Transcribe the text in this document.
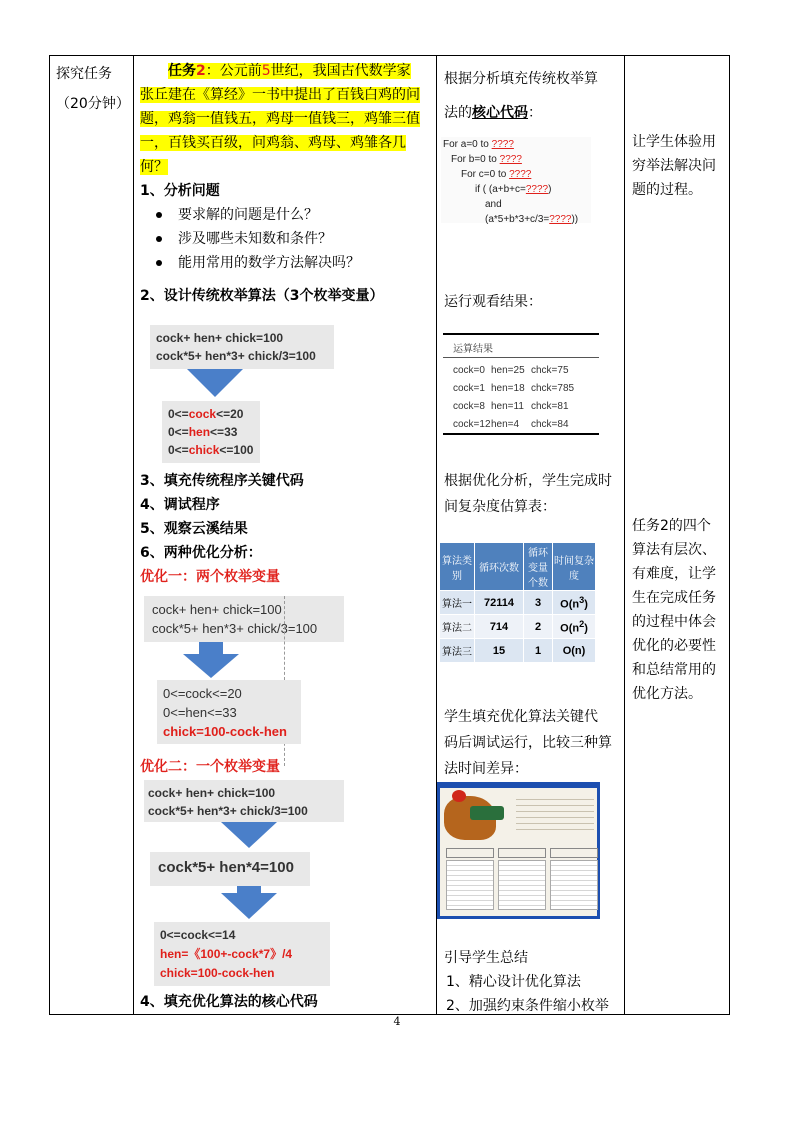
探究任务
（20分钟）
任务2：公元前5世纪，我国古代数学家
张丘建在《算经》一书中提出了百钱白鸡的问
题，鸡翁一值钱五，鸡母一值钱三，鸡雏三值
一，百钱买百级，问鸡翁、鸡母、鸡雏各几
何？
1、分析问题
要求解的问题是什么？
涉及哪些未知数和条件？
能用常用的数学方法解决吗？
2、设计传统枚举算法（3个枚举变量）
cock+ hen+ chick=100
cock*5+ hen*3+ chick/3=100
0<=cock<=20
0<=hen<=33
0<=chick<=100
3、填充传统程序关键代码
4、调试程序
5、观察云溪结果
6、两种优化分析：
优化一：两个枚举变量
cock+ hen+ chick=100
cock*5+ hen*3+ chick/3=100
0<=cock<=20
0<=hen<=33
chick=100-cock-hen
优化二：一个枚举变量
cock+ hen+ chick=100
cock*5+ hen*3+ chick/3=100
cock*5+ hen*4=100
0<=cock<=14
hen=《100+-cock*7》/4
chick=100-cock-hen
4、填充优化算法的核心代码
根据分析填充传统枚举算
法的核心代码：
For a=0 to ????
For b=0 to ????
For c=0 to ????
if ( (a+b+c=????)
and (a*5+b*3+c/3=????))
运行观看结果：
运算结果
cock=0 hen=25 chck=75
cock=1 hen=18 chck=785
cock=8 hen=11 chck=81
cock=12hen=4 chck=84
根据优化分析，学生完成时
间复杂度估算表：
算法类别	循环次数	循环变量个数	时间复杂度
算法一	72114	3	$O(n^3)$
算法二	714	2	$O(n^2)$
算法三	15	1	O(n)
学生填充优化算法关键代
码后调试运行，比较三种算
法时间差异：
引导学生总结
1、精心设计优化算法
2、加强约束条件缩小枚举
让学生体验用
穷举法解决问
题的过程。
任务2的四个
算法有层次、
有难度，让学
生在完成任务
的过程中体会
优化的必要性
和总结常用的
优化方法。
4
